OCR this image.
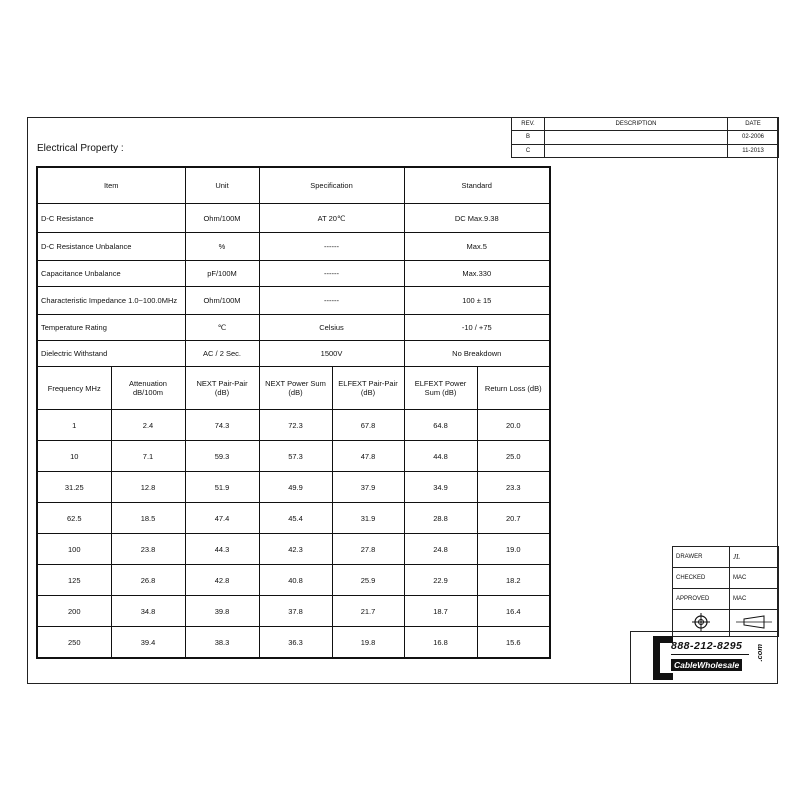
Electrical Property :
REV.	DESCRIPTION	DATE
B		02-2006
C		11-2013
Item		Unit	Specification		Standard	
D-C Resistance		Ohm/100M	AT 20℃		DC Max.9.38	
D-C Resistance Unbalance		%	------		Max.5	
Capacitance Unbalance		pF/100M	------		Max.330	
Characteristic Impedance 1.0~100.0MHz		Ohm/100M	------		100 ± 15	
Temperature Rating		℃	Celsius		-10 / +75	
Dielectric Withstand		AC / 2 Sec.	1500V		No Breakdown	
Frequency MHz	Attenuation dB/100m	NEXT Pair-Pair (dB)	NEXT Power Sum (dB)	ELFEXT Pair-Pair (dB)	ELFEXT Power Sum (dB)	Return Loss (dB)
1	2.4	74.3	72.3	67.8	64.8	20.0
10	7.1	59.3	57.3	47.8	44.8	25.0
31.25	12.8	51.9	49.9	37.9	34.9	23.3
62.5	18.5	47.4	45.4	31.9	28.8	20.7
100	23.8	44.3	42.3	27.8	24.8	19.0
125	26.8	42.8	40.8	25.9	22.9	18.2
200	34.8	39.8	37.8	21.7	18.7	16.4
250	39.4	38.3	36.3	19.8	16.8	15.6
DRAWER	JL
CHECKED	MAC
APPROVED	MAC

888-212-8295
CableWholesale
.com
